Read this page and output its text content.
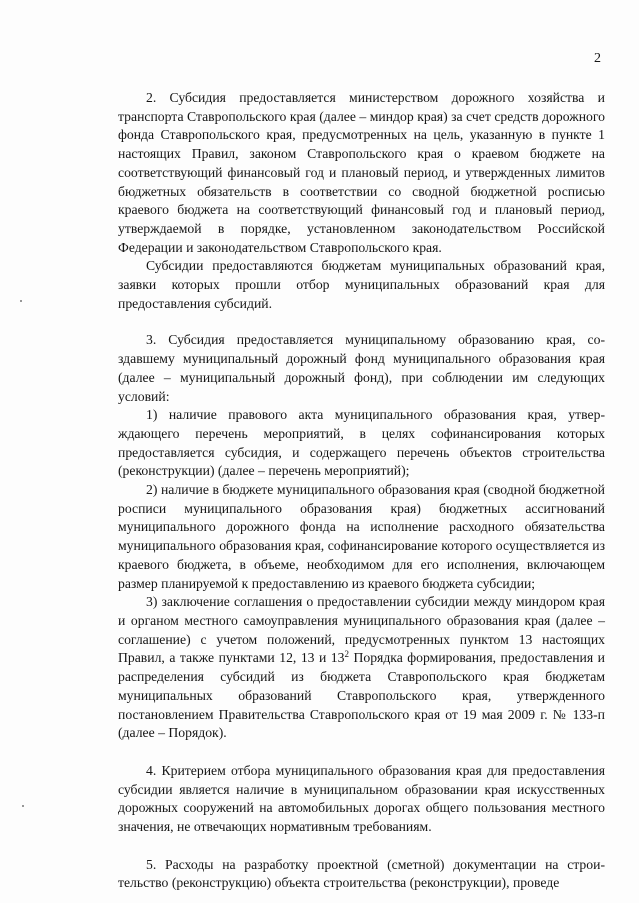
2

2. Субсидия предоставляется министерством дорожного хозяйства и транспорта Ставропольского края (далее – миндор края) за счет средств дорожного фонда Ставропольского края, предусмотренных на цель, указанную в пункте 1 настоящих Правил, законом Ставропольского края о краевом бюджете на соответствующий финансовый год и плановый период, и утвержденных лимитов бюджетных обязательств в соответствии со сводной бюджетной росписью краевого бюджета на соответствующий финансовый год и плановый период, утверждаемой в порядке, установленном законодательством Российской Федерации и законодательством Ставропольского края.

Субсидии предоставляются бюджетам муниципальных образований края, заявки которых прошли отбор муниципальных образований края для предоставления субсидий.

3. Субсидия предоставляется муниципальному образованию края, создавшему муниципальный дорожный фонд муниципального образования края (далее – муниципальный дорожный фонд), при соблюдении им следующих условий:

1) наличие правового акта муниципального образования края, утверждающего перечень мероприятий, в целях софинансирования которых предоставляется субсидия, и содержащего перечень объектов строительства (реконструкции) (далее – перечень мероприятий);

2) наличие в бюджете муниципального образования края (сводной бюджетной росписи муниципального образования края) бюджетных ассигнований муниципального дорожного фонда на исполнение расходного обязательства муниципального образования края, софинансирование которого осуществляется из краевого бюджета, в объеме, необходимом для его исполнения, включающем размер планируемой к предоставлению из краевого бюджета субсидии;

3) заключение соглашения о предоставлении субсидии между миндором края и органом местного самоуправления муниципального образования края (далее – соглашение) с учетом положений, предусмотренных пунктом 13 настоящих Правил, а также пунктами 12, 13 и $13^2$ Порядка формирования, предоставления и распределения субсидий из бюджета Ставропольского края бюджетам муниципальных образований Ставропольского края, утвержденного постановлением Правительства Ставропольского края от 19 мая 2009 г. № 133-п (далее – Порядок).

4. Критерием отбора муниципального образования края для предоставления субсидии является наличие в муниципальном образовании края искусственных дорожных сооружений на автомобильных дорогах общего пользования местного значения, не отвечающих нормативным требованиям.

5. Расходы на разработку проектной (сметной) документации на строительство (реконструкцию) объекта строительства (реконструкции), проведе
